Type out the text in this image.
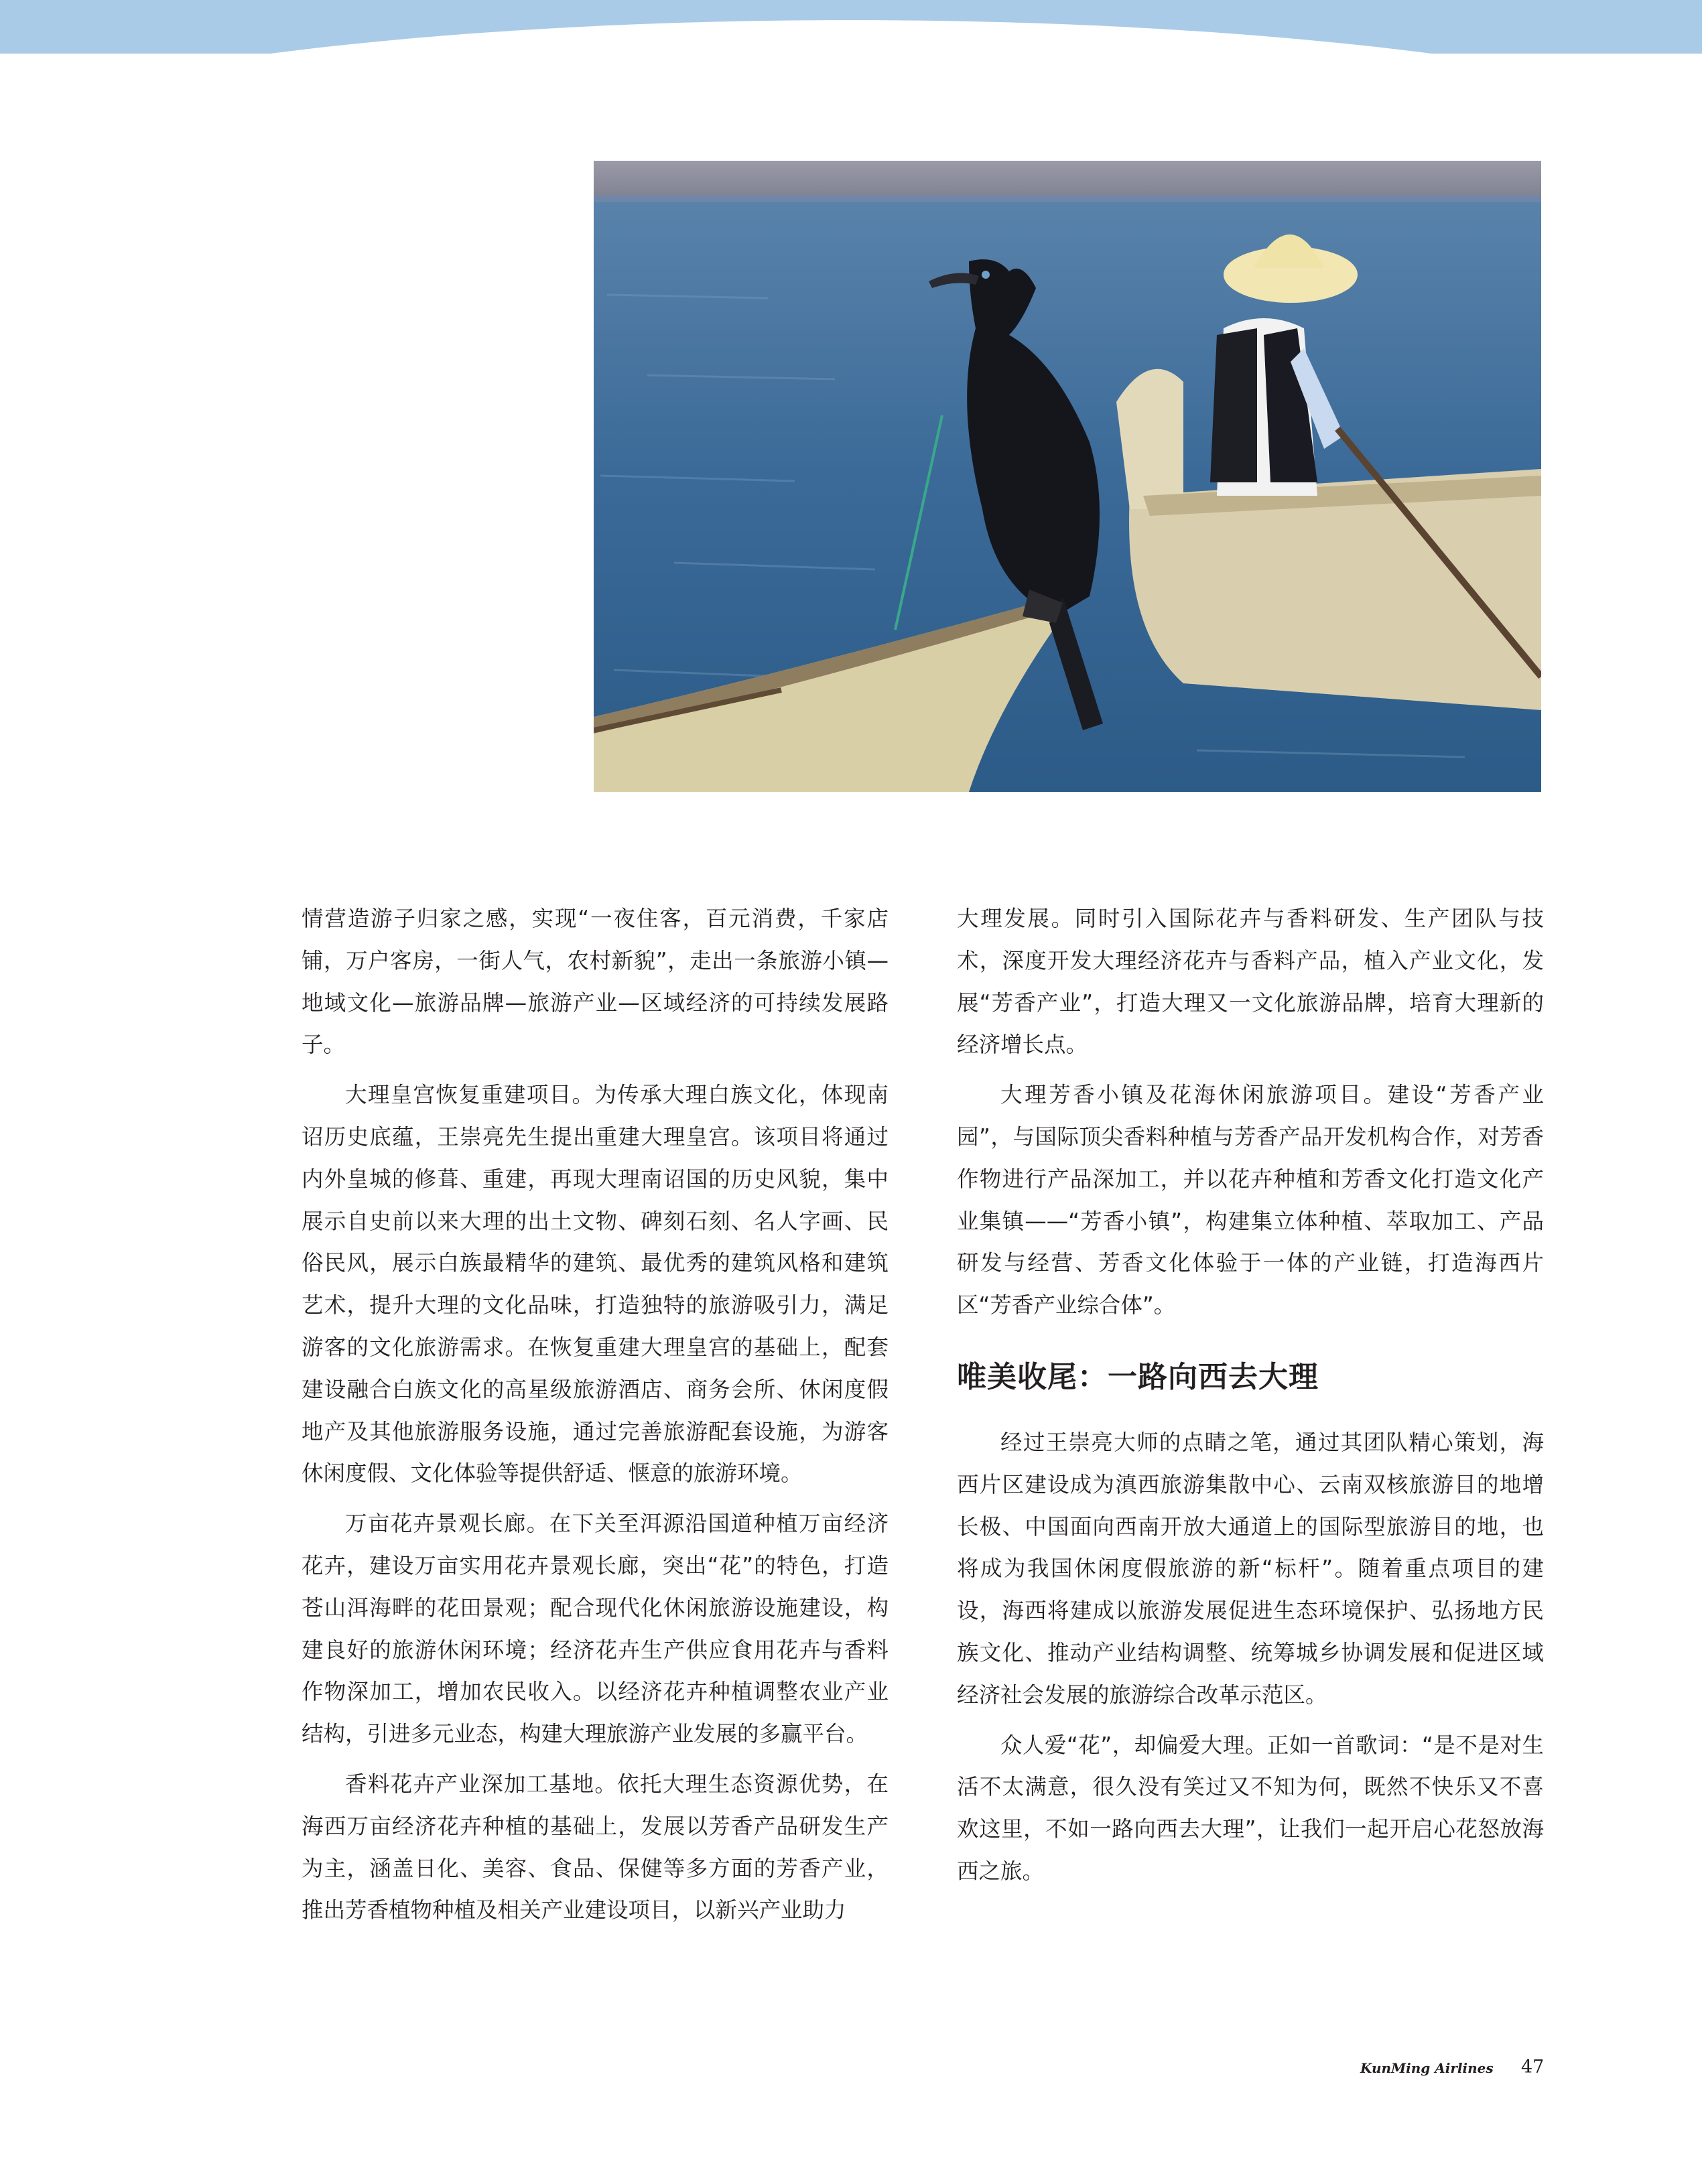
情营造游子归家之感，实现“一夜住客，百元消费，千家店铺，万户客房，一街人气，农村新貌”，走出一条旅游小镇—地域文化—旅游品牌—旅游产业—区域经济的可持续发展路子。

大理皇宫恢复重建项目。为传承大理白族文化，体现南诏历史底蕴，王崇亮先生提出重建大理皇宫。该项目将通过内外皇城的修葺、重建，再现大理南诏国的历史风貌，集中展示自史前以来大理的出土文物、碑刻石刻、名人字画、民俗民风，展示白族最精华的建筑、最优秀的建筑风格和建筑艺术，提升大理的文化品味，打造独特的旅游吸引力，满足游客的文化旅游需求。在恢复重建大理皇宫的基础上，配套建设融合白族文化的高星级旅游酒店、商务会所、休闲度假地产及其他旅游服务设施，通过完善旅游配套设施，为游客休闲度假、文化体验等提供舒适、惬意的旅游环境。

万亩花卉景观长廊。在下关至洱源沿国道种植万亩经济花卉，建设万亩实用花卉景观长廊，突出“花”的特色，打造苍山洱海畔的花田景观；配合现代化休闲旅游设施建设，构建良好的旅游休闲环境；经济花卉生产供应食用花卉与香料作物深加工，增加农民收入。以经济花卉种植调整农业产业结构，引进多元业态，构建大理旅游产业发展的多赢平台。

香料花卉产业深加工基地。依托大理生态资源优势，在海西万亩经济花卉种植的基础上，发展以芳香产品研发生产为主，涵盖日化、美容、食品、保健等多方面的芳香产业，推出芳香植物种植及相关产业建设项目，以新兴产业助力

大理发展。同时引入国际花卉与香料研发、生产团队与技术，深度开发大理经济花卉与香料产品，植入产业文化，发展“芳香产业”，打造大理又一文化旅游品牌，培育大理新的经济增长点。

大理芳香小镇及花海休闲旅游项目。建设“芳香产业园”，与国际顶尖香料种植与芳香产品开发机构合作，对芳香作物进行产品深加工，并以花卉种植和芳香文化打造文化产业集镇——“芳香小镇”，构建集立体种植、萃取加工、产品研发与经营、芳香文化体验于一体的产业链，打造海西片区“芳香产业综合体”。

唯美收尾：一路向西去大理

经过王崇亮大师的点睛之笔，通过其团队精心策划，海西片区建设成为滇西旅游集散中心、云南双核旅游目的地增长极、中国面向西南开放大通道上的国际型旅游目的地，也将成为我国休闲度假旅游的新“标杆”。随着重点项目的建设，海西将建成以旅游发展促进生态环境保护、弘扬地方民族文化、推动产业结构调整、统筹城乡协调发展和促进区域经济社会发展的旅游综合改革示范区。

众人爱“花”，却偏爱大理。正如一首歌词：“是不是对生活不太满意，很久没有笑过又不知为何，既然不快乐又不喜欢这里，不如一路向西去大理”，让我们一起开启心花怒放海西之旅。

KunMing Airlines 47
